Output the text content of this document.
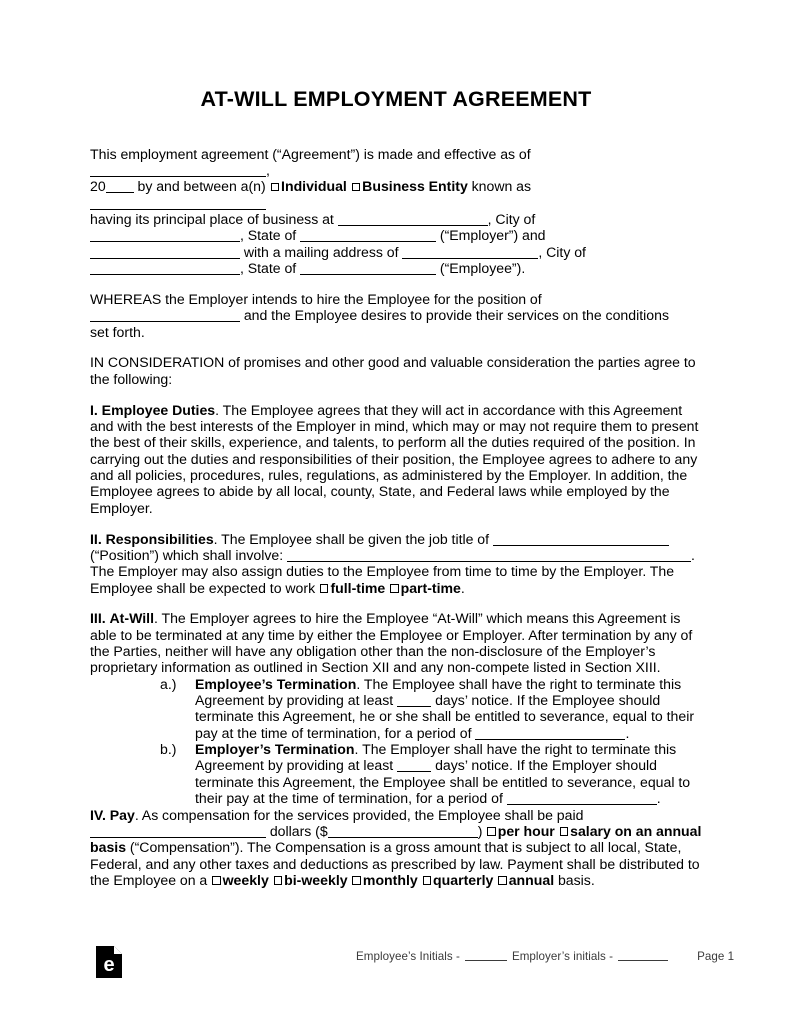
AT-WILL EMPLOYMENT AGREEMENT

This employment agreement (“Agreement”) is made and effective as of ,
20 by and between a(n) Individual Business Entity known as
having its principal place of business at	, City of
, State of	(“Employer”) and
with a mailing address of	, City of
, State of	(“Employee”).

WHEREAS the Employer intends to hire the Employee for the position of
and the Employee desires to provide their services on the conditions
set forth.

IN CONSIDERATION of promises and other good and valuable consideration the parties agree to the following:

I. Employee Duties. The Employee agrees that they will act in accordance with this Agreement and with the best interests of the Employer in mind, which may or may not require them to present the best of their skills, experience, and talents, to perform all the duties required of the position. In carrying out the duties and responsibilities of their position, the Employee agrees to adhere to any and all policies, procedures, rules, regulations, as administered by the Employer. In addition, the Employee agrees to abide by all local, county, State, and Federal laws while employed by the Employer.

II. Responsibilities. The Employee shall be given the job title of
(“Position”) which shall involve:	.
The Employer may also assign duties to the Employee from time to time by the Employer. The Employee shall be expected to work full-time part-time.

III. At-Will. The Employer agrees to hire the Employee “At-Will” which means this Agreement is able to be terminated at any time by either the Employee or Employer. After termination by any of the Parties, neither will have any obligation other than the non-disclosure of the Employer’s proprietary information as outlined in Section XII and any non-compete listed in Section XIII.

a.) Employee’s Termination. The Employee shall have the right to terminate this Agreement by providing at least	days’ notice. If the Employee should terminate this Agreement, he or she shall be entitled to severance, equal to their pay at the time of termination, for a period of	.
b.) Employer’s Termination. The Employer shall have the right to terminate this Agreement by providing at least	days’ notice. If the Employer should terminate this Agreement, the Employee shall be entitled to severance, equal to their pay at the time of termination, for a period of	.

IV. Pay. As compensation for the services provided, the Employee shall be paid
dollars ($	) per hour salary on an annual basis (“Compensation”). The Compensation is a gross amount that is subject to all local, State, Federal, and any other taxes and deductions as prescribed by law. Payment shall be distributed to the Employee on a weekly bi-weekly monthly quarterly annual basis.

e	Employee’s Initials -	Employer’s initials -	Page 1
